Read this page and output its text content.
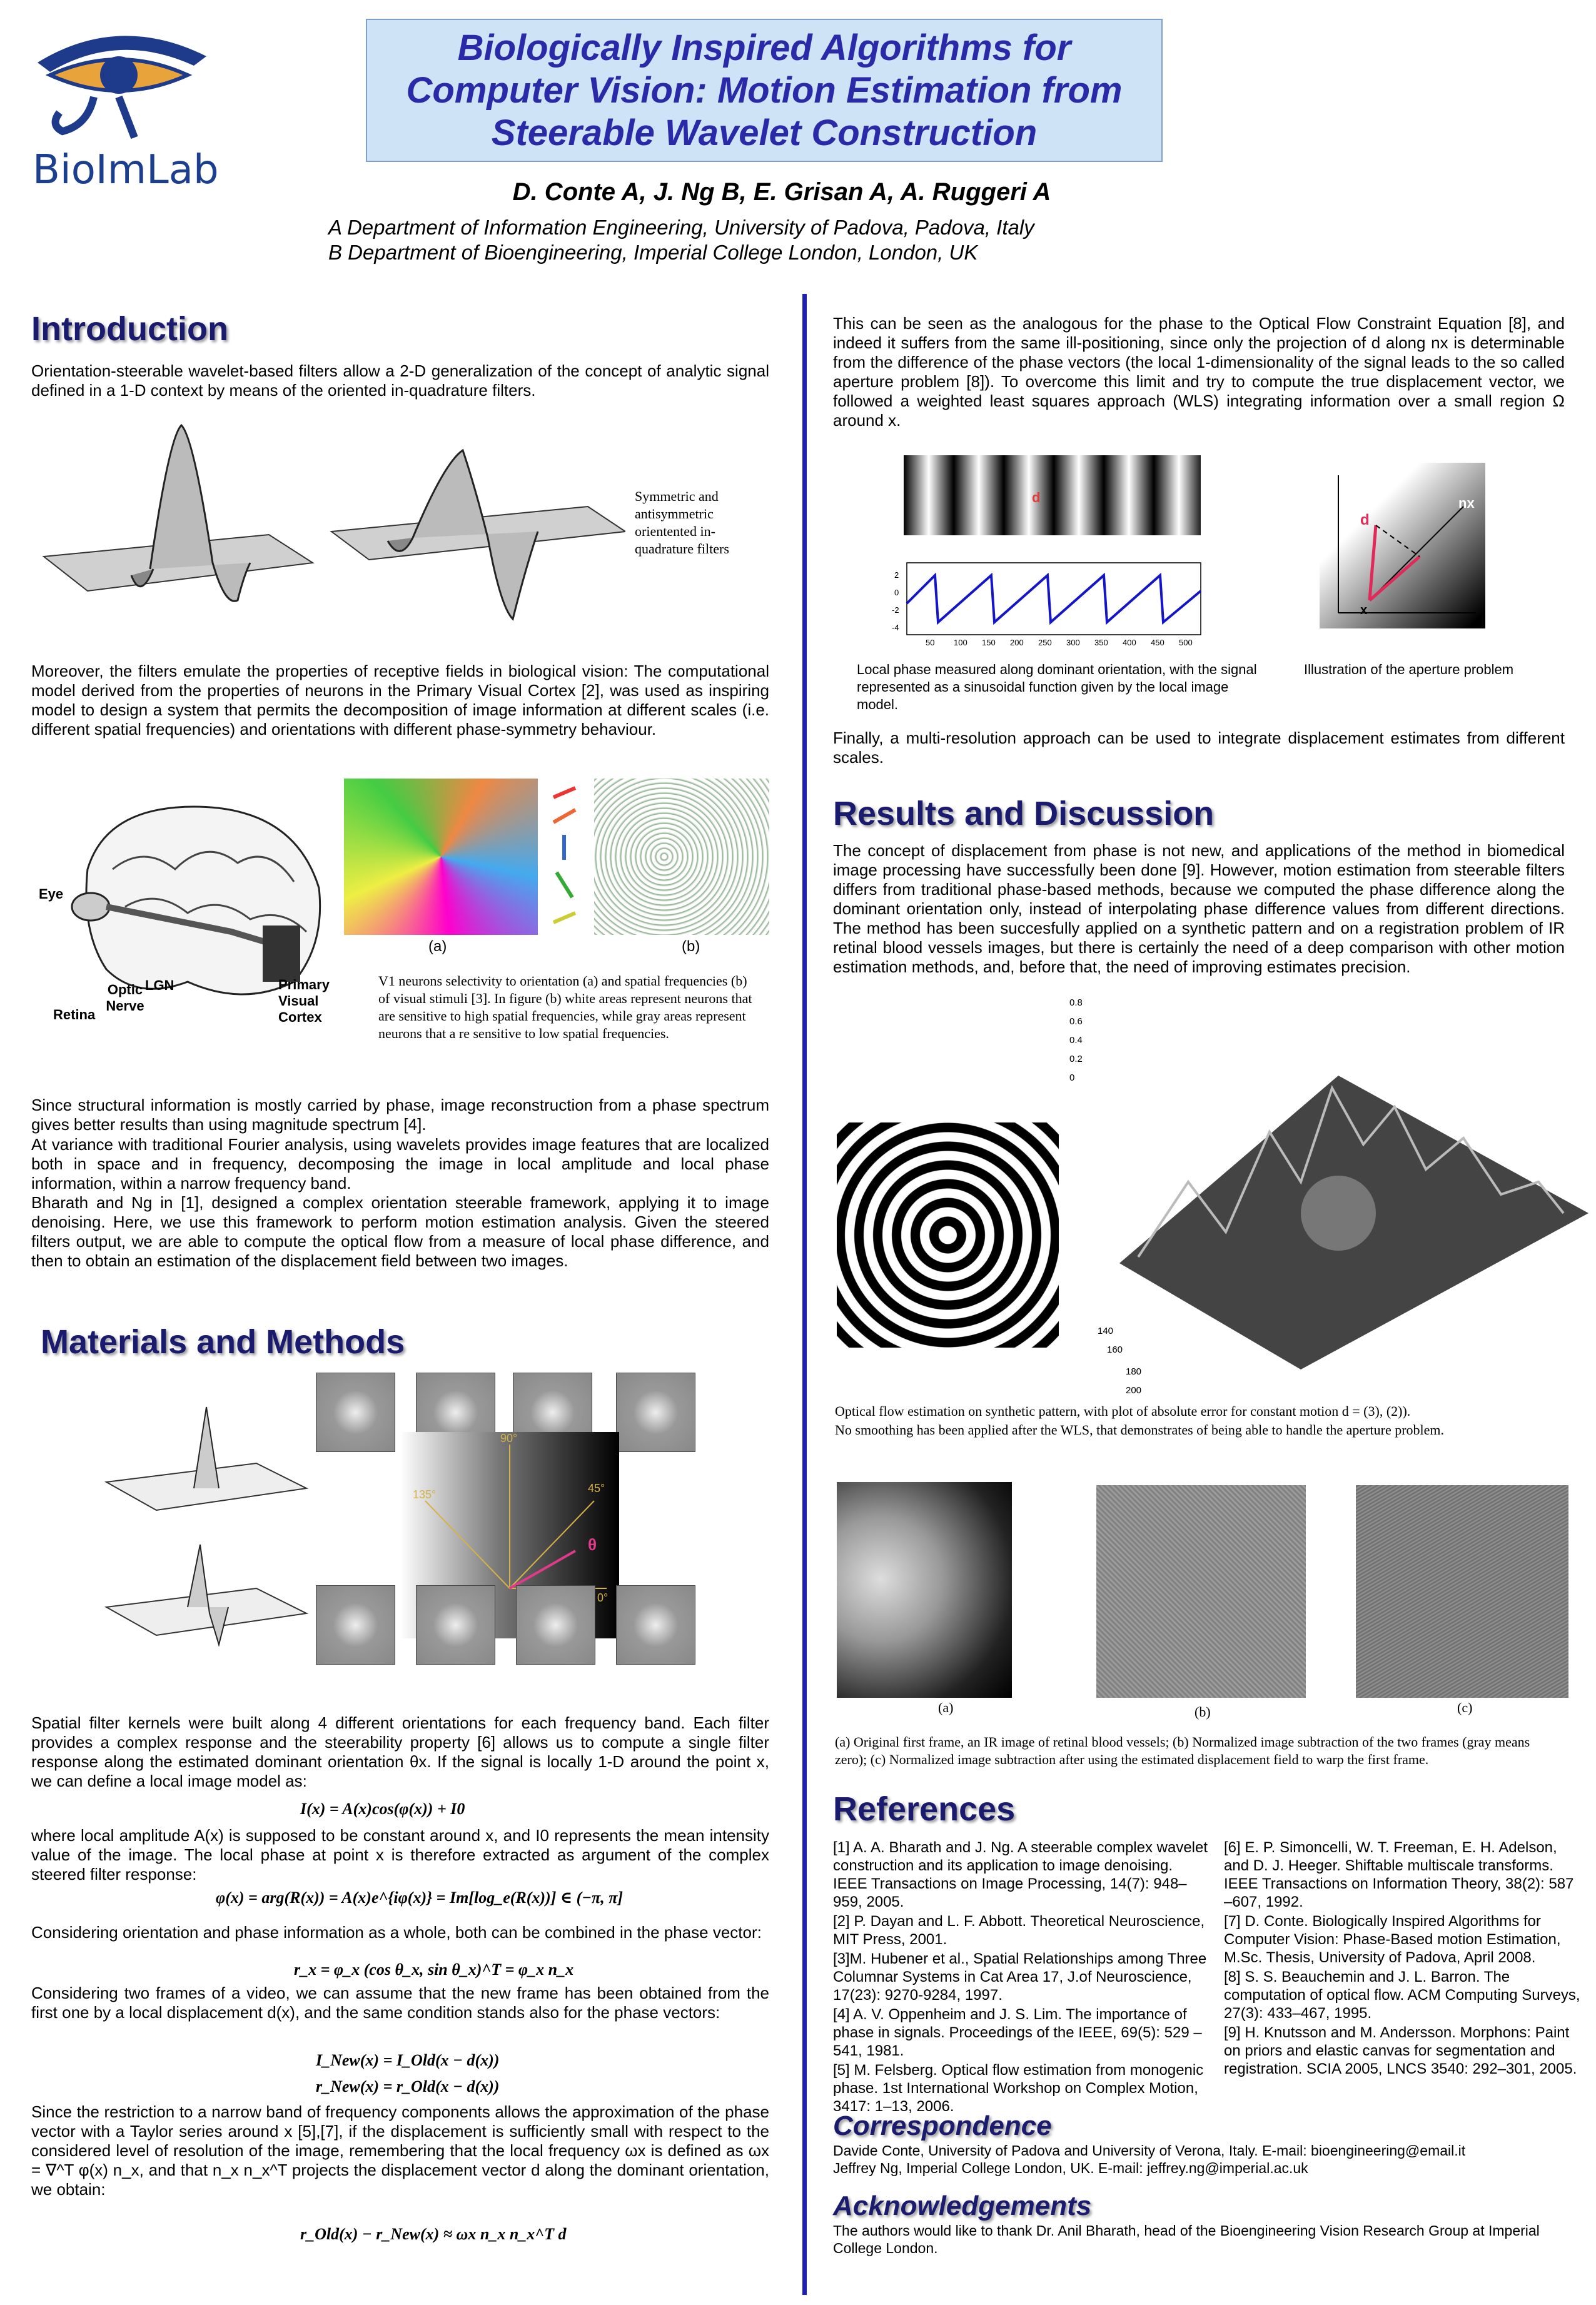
BioImLab
Biologically Inspired Algorithms for
Computer Vision: Motion Estimation from
Steerable Wavelet Construction
D. Conte A, J. Ng B, E. Grisan A, A. Ruggeri A
A Department of Information Engineering, University of Padova, Padova, Italy
B Department of Bioengineering, Imperial College London, London, UK
Introduction
Orientation-steerable wavelet-based filters allow a 2-D generalization of the concept of analytic signal defined in a 1-D context by means of the oriented in-quadrature filters.
Symmetric and antisymmetric orientented in-quadrature filters
Moreover, the filters emulate the properties of receptive fields in biological vision: The computational model derived from the properties of neurons in the Primary Visual Cortex [2], was used as inspiring model to design a system that permits the decomposition of image information at different scales (i.e. different spatial frequencies) and orientations with different phase-symmetry behaviour.
Eye
Optic Nerve
LGN
Retina
Primary Visual Cortex
(a)	(b)
V1 neurons selectivity to orientation (a) and spatial frequencies (b) of visual stimuli [3]. In figure (b) white areas represent neurons that are sensitive to high spatial frequencies, while gray areas represent neurons that a re sensitive to low spatial frequencies.
Since structural information is mostly carried by phase, image reconstruction from a phase spectrum gives better results than using magnitude spectrum [4].
At variance with traditional Fourier analysis, using wavelets provides image features that are localized both in space and in frequency, decomposing the image in local amplitude and local phase information, within a narrow frequency band.
Bharath and Ng in [1], designed a complex orientation steerable framework, applying it to image denoising. Here, we use this framework to perform motion estimation analysis. Given the steered filters output, we are able to compute the optical flow from a measure of local phase difference, and then to obtain an estimation of the displacement field between two images.
Materials and Methods
90°
135°	45°
0°
θ
Spatial filter kernels were built along 4 different orientations for each frequency band. Each filter provides a complex response and the steerability property [6] allows us to compute a single filter response along the estimated dominant orientation θx. If the signal is locally 1-D around the point x, we can define a local image model as:
I(x) = A(x)cos(φ(x)) + I0
where local amplitude A(x) is supposed to be constant around x, and I0 represents the mean intensity value of the image. The local phase at point x is therefore extracted as argument of the complex steered filter response:
φ(x) = arg(R(x)) = A(x)e^{iφ(x)} = Im[log_e(R(x))] ∈ (−π, π]
Considering orientation and phase information as a whole, both can be combined in the phase vector:
r_x = φ_x (cos θ_x, sin θ_x)^T = φ_x n_x
Considering two frames of a video, we can assume that the new frame has been obtained from the first one by a local displacement d(x), and the same condition stands also for the phase vectors:
I_New(x) = I_Old(x − d(x))
r_New(x) = r_Old(x − d(x))
Since the restriction to a narrow band of frequency components allows the approximation of the phase vector with a Taylor series around x [5],[7], if the displacement is sufficiently small with respect to the considered level of resolution of the image, remembering that the local frequency ωx is defined as ωx = ∇^T φ(x) n_x, and that n_x n_x^T projects the displacement vector d along the dominant orientation, we obtain:
r_Old(x) − r_New(x) ≈ ωx n_x n_x^T d
This can be seen as the analogous for the phase to the Optical Flow Constraint Equation [8], and indeed it suffers from the same ill-positioning, since only the projection of d along nx is determinable from the difference of the phase vectors (the local 1-dimensionality of the signal leads to the so called aperture problem [8]). To overcome this limit and try to compute the true displacement vector, we followed a weighted least squares approach (WLS) integrating information over a small region Ω around x.
d
2
0
-2
-4
50 100 150 200 250 300 350 400 450 500
d
nx
x
Local phase measured along dominant orientation, with the signal represented as a sinusoidal function given by the local image model.
Illustration of the aperture problem
Finally, a multi-resolution approach can be used to integrate displacement estimates from different scales.
Results and Discussion
The concept of displacement from phase is not new, and applications of the method in biomedical image processing have successfully been done [9]. However, motion estimation from steerable filters differs from traditional phase-based methods, because we computed the phase difference along the dominant orientation only, instead of interpolating phase difference values from different directions. The method has been succesfully applied on a synthetic pattern and on a registration problem of IR retinal blood vessels images, but there is certainly the need of a deep comparison with other motion estimation methods, and, before that, the need of improving estimates precision.
0.8
0.6
0.4
0.2
0
200
180
160
140
Optical flow estimation on synthetic pattern, with plot of absolute error for constant motion d = (3), (2)).
No smoothing has been applied after the WLS, that demonstrates of being able to handle the aperture problem.
(a)	(b)	(c)
(a) Original first frame, an IR image of retinal blood vessels; (b) Normalized image subtraction of the two frames (gray means zero); (c) Normalized image subtraction after using the estimated displacement field to warp the first frame.
References

[1] A. A. Bharath and J. Ng. A steerable complex wavelet construction and its application to image denoising. IEEE Transactions on Image Processing, 14(7): 948–959, 2005.

[2] P. Dayan and L. F. Abbott. Theoretical Neuroscience, MIT Press, 2001.

[3]M. Hubener et al., Spatial Relationships among Three Columnar Systems in Cat Area 17, J.of Neuroscience, 17(23): 9270-9284, 1997.

[4] A. V. Oppenheim and J. S. Lim. The importance of phase in signals. Proceedings of the IEEE, 69(5): 529 –541, 1981.

[5] M. Felsberg. Optical flow estimation from monogenic phase. 1st International Workshop on Complex Motion, 3417: 1–13, 2006.

[6] E. P. Simoncelli, W. T. Freeman, E. H. Adelson, and D. J. Heeger. Shiftable multiscale transforms. IEEE Transactions on Information Theory, 38(2): 587 –607, 1992.

[7] D. Conte. Biologically Inspired Algorithms for Computer Vision: Phase-Based motion Estimation, M.Sc. Thesis, University of Padova, April 2008.

[8] S. S. Beauchemin and J. L. Barron. The computation of optical flow. ACM Computing Surveys, 27(3): 433–467, 1995.

[9] H. Knutsson and M. Andersson. Morphons: Paint on priors and elastic canvas for segmentation and registration. SCIA 2005, LNCS 3540: 292–301, 2005.

Correspondence
Davide Conte, University of Padova and University of Verona, Italy. E-mail: bioengineering@email.it
Jeffrey Ng, Imperial College London, UK. E-mail: jeffrey.ng@imperial.ac.uk
Acknowledgements
The authors would like to thank Dr. Anil Bharath, head of the Bioengineering Vision Research Group at Imperial College London.
